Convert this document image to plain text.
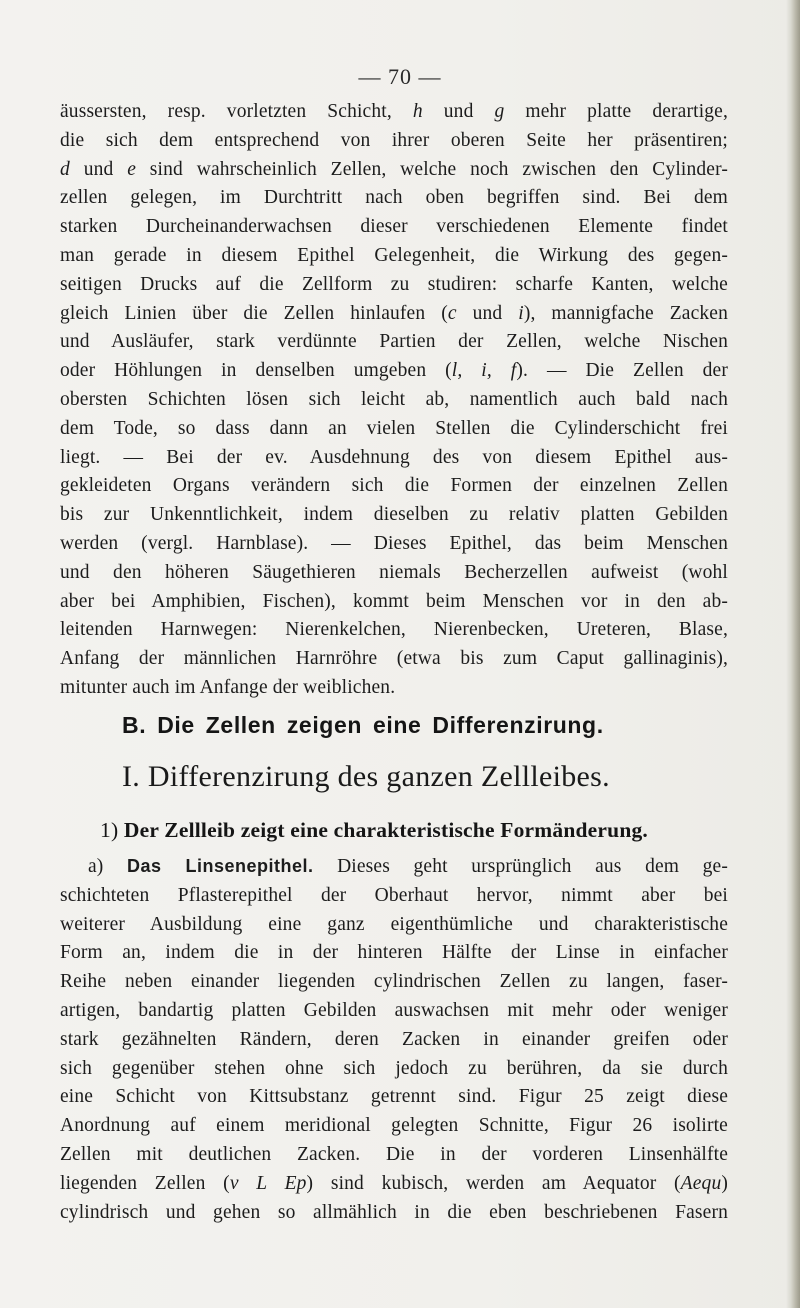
— 70 —
äussersten, resp. vorletzten Schicht, h und g mehr platte derartige,
die sich dem entsprechend von ihrer oberen Seite her präsentiren;
d und e sind wahrscheinlich Zellen, welche noch zwischen den Cylinder-
zellen gelegen, im Durchtritt nach oben begriffen sind. Bei dem
starken Durcheinanderwachsen dieser verschiedenen Elemente findet
man gerade in diesem Epithel Gelegenheit, die Wirkung des gegen-
seitigen Drucks auf die Zellform zu studiren: scharfe Kanten, welche
gleich Linien über die Zellen hinlaufen (c und i), mannigfache Zacken
und Ausläufer, stark verdünnte Partien der Zellen, welche Nischen
oder Höhlungen in denselben umgeben (l, i, f). — Die Zellen der
obersten Schichten lösen sich leicht ab, namentlich auch bald nach
dem Tode, so dass dann an vielen Stellen die Cylinderschicht frei
liegt. — Bei der ev. Ausdehnung des von diesem Epithel aus-
gekleideten Organs verändern sich die Formen der einzelnen Zellen
bis zur Unkenntlichkeit, indem dieselben zu relativ platten Gebilden
werden (vergl. Harnblase). — Dieses Epithel, das beim Menschen
und den höheren Säugethieren niemals Becherzellen aufweist (wohl
aber bei Amphibien, Fischen), kommt beim Menschen vor in den ab-
leitenden Harnwegen: Nierenkelchen, Nierenbecken, Ureteren, Blase,
Anfang der männlichen Harnröhre (etwa bis zum Caput gallinaginis),
mitunter auch im Anfange der weiblichen.
B. Die Zellen zeigen eine Differenzirung.
I. Differenzirung des ganzen Zellleibes.
1) Der Zellleib zeigt eine charakteristische Formänderung.
a) Das Linsenepithel. Dieses geht ursprünglich aus dem ge-
schichteten Pflasterepithel der Oberhaut hervor, nimmt aber bei
weiterer Ausbildung eine ganz eigenthümliche und charakteristische
Form an, indem die in der hinteren Hälfte der Linse in einfacher
Reihe neben einander liegenden cylindrischen Zellen zu langen, faser-
artigen, bandartig platten Gebilden auswachsen mit mehr oder weniger
stark gezähnelten Rändern, deren Zacken in einander greifen oder
sich gegenüber stehen ohne sich jedoch zu berühren, da sie durch
eine Schicht von Kittsubstanz getrennt sind. Figur 25 zeigt diese
Anordnung auf einem meridional gelegten Schnitte, Figur 26 isolirte
Zellen mit deutlichen Zacken. Die in der vorderen Linsenhälfte
liegenden Zellen (v L Ep) sind kubisch, werden am Aequator (Aequ)
cylindrisch und gehen so allmählich in die eben beschriebenen Fasern
